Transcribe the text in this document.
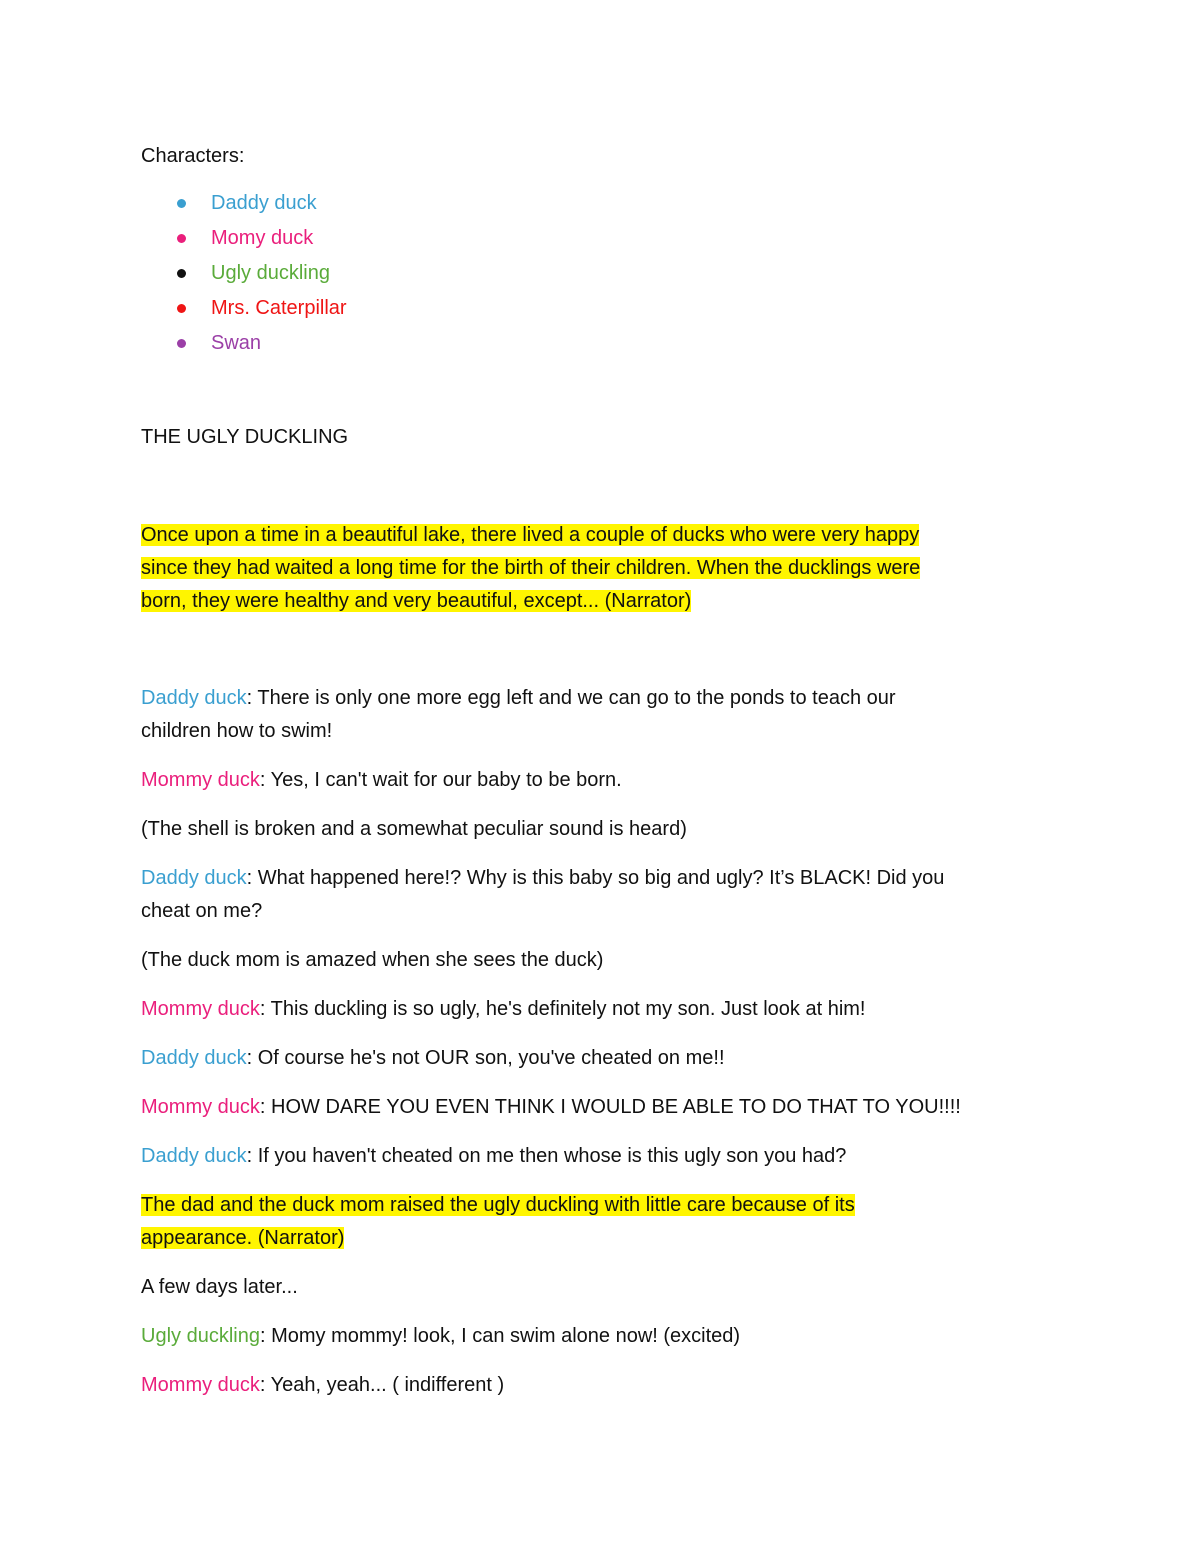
Characters:
Daddy duck
Momy duck
Ugly duckling
Mrs. Caterpillar
Swan
THE UGLY DUCKLING

Once upon a time in a beautiful lake, there lived a couple of ducks who were very happy

since they had waited a long time for the birth of their children. When the ducklings were

born, they were healthy and very beautiful, except... (Narrator)

Daddy duck: There is only one more egg left and we can go to the ponds to teach our

children how to swim!

Mommy duck: Yes, I can't wait for our baby to be born.

(The shell is broken and a somewhat peculiar sound is heard)

Daddy duck: What happened here!? Why is this baby so big and ugly? It’s BLACK! Did you

cheat on me?

(The duck mom is amazed when she sees the duck)

Mommy duck: This duckling is so ugly, he's definitely not my son. Just look at him!

Daddy duck: Of course he's not OUR son, you've cheated on me!!

Mommy duck: HOW DARE YOU EVEN THINK I WOULD BE ABLE TO DO THAT TO YOU!!!!

Daddy duck: If you haven't cheated on me then whose is this ugly son you had?

The dad and the duck mom raised the ugly duckling with little care because of its

appearance. (Narrator)

A few days later...

Ugly duckling: Momy mommy! look, I can swim alone now! (excited)

Mommy duck: Yeah, yeah... ( indifferent )
